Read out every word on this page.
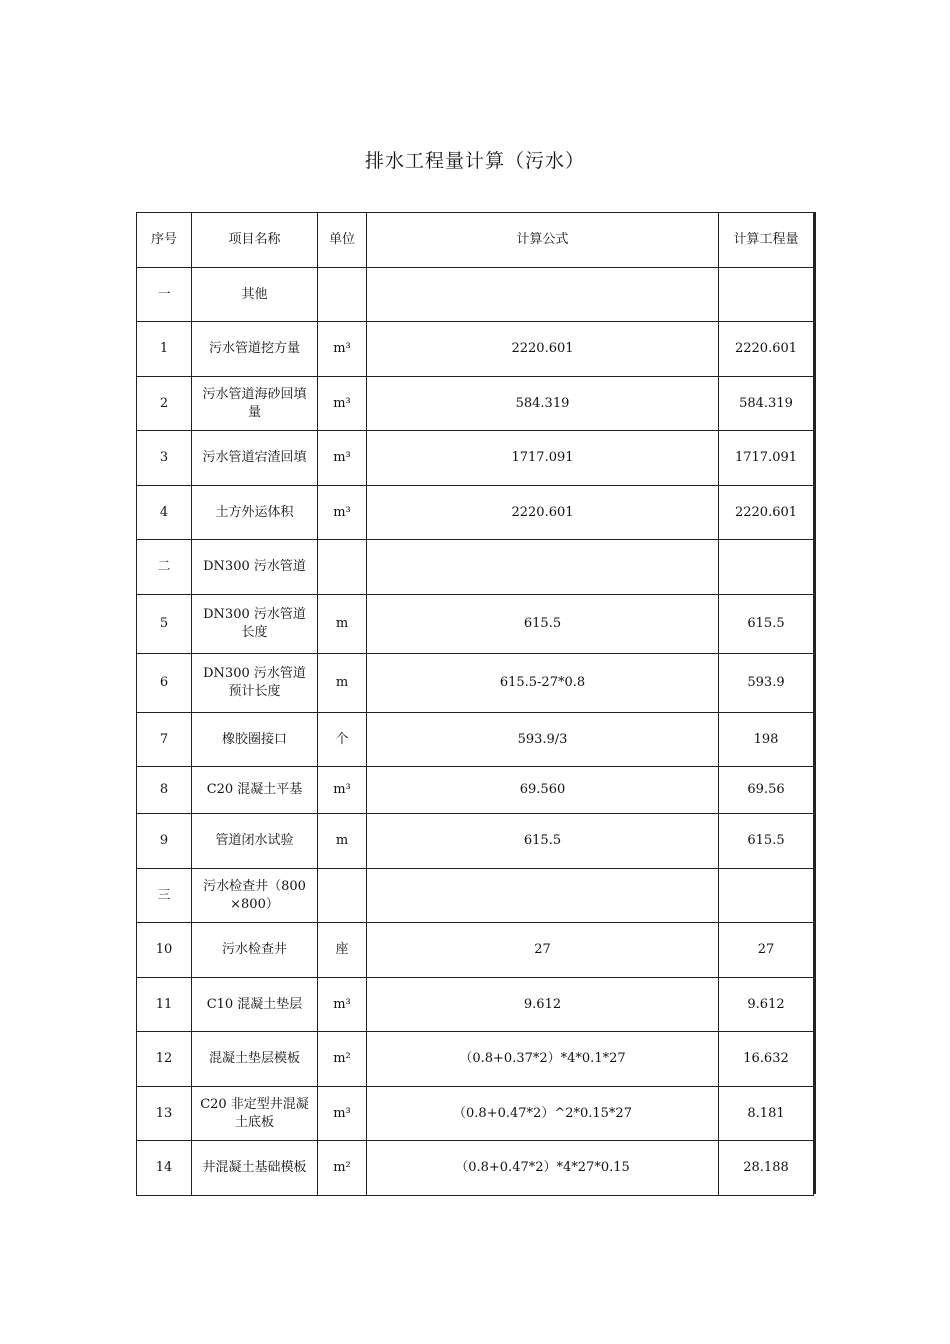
排水工程量计算（污水）
序号	项目名称	单位	计算公式	计算工程量
一	其他			
1	污水管道挖方量	m³	2220.601	2220.601
2	污水管道海砂回填量	m³	584.319	584.319
3	污水管道宕渣回填	m³	1717.091	1717.091
4	土方外运体积	m³	2220.601	2220.601
二	DN300 污水管道			
5	DN300 污水管道长度	m	615.5	615.5
6	DN300 污水管道预计长度	m	615.5-27*0.8	593.9
7	橡胶圈接口	个	593.9/3	198
8	C20 混凝土平基	m³	69.560	69.56
9	管道闭水试验	m	615.5	615.5
三	污水检查井（800×800）			
10	污水检查井	座	27	27
11	C10 混凝土垫层	m³	9.612	9.612
12	混凝土垫层模板	m²	（0.8+0.37*2）*4*0.1*27	16.632
13	C20 非定型井混凝土底板	m³	（0.8+0.47*2）^2*0.15*27	8.181
14	井混凝土基础模板	m²	（0.8+0.47*2）*4*27*0.15	28.188
